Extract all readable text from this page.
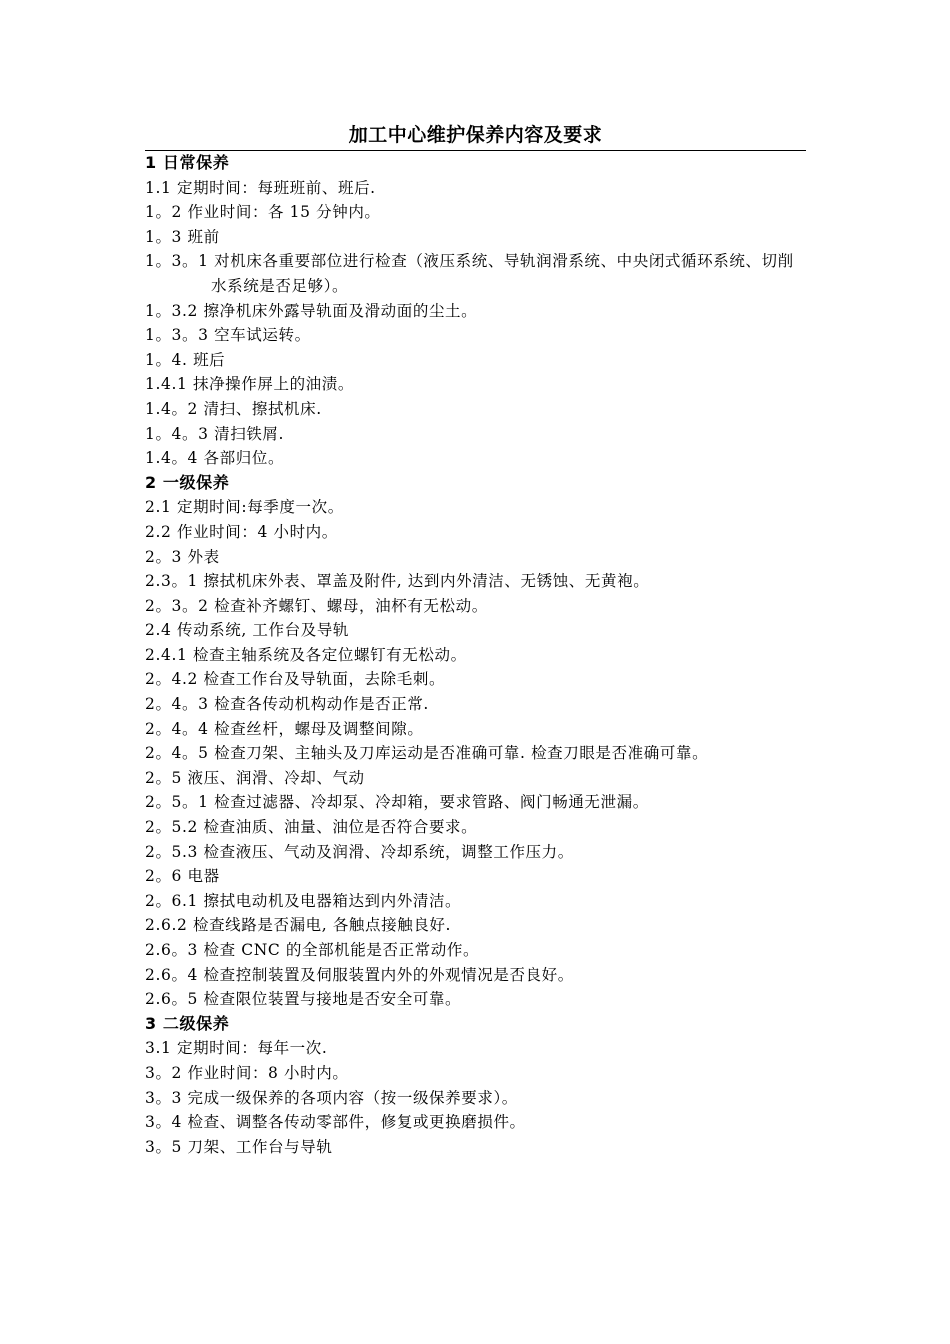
加工中心维护保养内容及要求
1 日常保养
1.1 定期时间：每班班前、班后.
1。2 作业时间：各 15 分钟内。
1。3 班前
1。3。1 对机床各重要部位进行检查（液压系统、导轨润滑系统、中央闭式循环系统、切削水系统是否足够）。
1。3.2 擦净机床外露导轨面及滑动面的尘土。
1。3。3 空车试运转。
1。4. 班后
1.4.1 抹净操作屏上的油渍。
1.4。2 清扫、擦拭机床.
1。4。3 清扫铁屑.
1.4。4 各部归位。
2 一级保养
2.1 定期时间:每季度一次。
2.2 作业时间：4 小时内。
2。3 外表
2.3。1 擦拭机床外表、罩盖及附件, 达到内外清洁、无锈蚀、无黄袍。
2。3。2 检查补齐螺钉、螺母，油杯有无松动。
2.4 传动系统, 工作台及导轨
2.4.1 检查主轴系统及各定位螺钉有无松动。
2。4.2 检查工作台及导轨面，去除毛刺。
2。4。3 检查各传动机构动作是否正常.
2。4。4 检查丝杆，螺母及调整间隙。
2。4。5 检查刀架、主轴头及刀库运动是否准确可靠. 检查刀眼是否准确可靠。
2。5 液压、润滑、冷却、气动
2。5。1 检查过滤器、冷却泵、冷却箱，要求管路、阀门畅通无泄漏。
2。5.2 检查油质、油量、油位是否符合要求。
2。5.3 检查液压、气动及润滑、冷却系统，调整工作压力。
2。6 电器
2。6.1 擦拭电动机及电器箱达到内外清洁。
2.6.2 检查线路是否漏电, 各触点接触良好.
2.6。3 检查 CNC 的全部机能是否正常动作。
2.6。4 检查控制装置及伺服装置内外的外观情况是否良好。
2.6。5 检查限位装置与接地是否安全可靠。
3 二级保养
3.1 定期时间：每年一次.
3。2 作业时间：8 小时内。
3。3 完成一级保养的各项内容（按一级保养要求）。
3。4 检查、调整各传动零部件，修复或更换磨损件。
3。5 刀架、工作台与导轨
